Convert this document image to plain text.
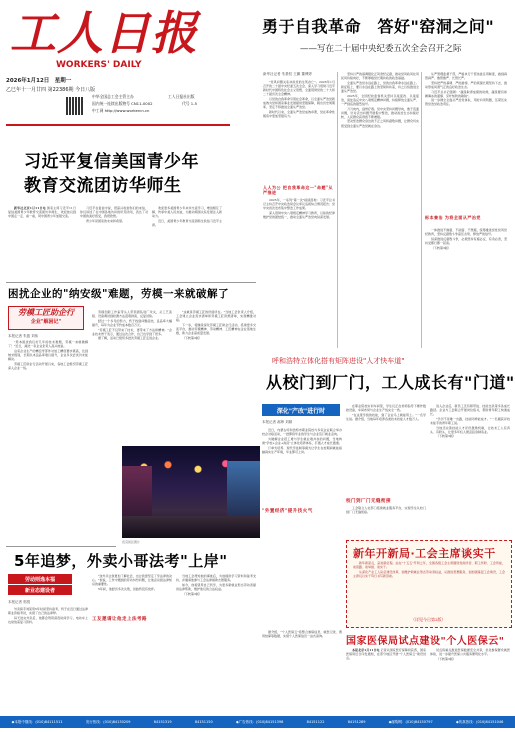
工人日报
WORKERS' DAILY
2026年1月12日　星期一
乙巳年十一月廿四 第22386期 今日八版
中华全国总工会主管主办	工人日报社出版
国内统一连续出版物号 CN11-0002	代号 1-5
中工网 http://www.workercn.cn
勇于自我革命　答好"窑洞之问"
——写在二十届中央纪委五次全会召开之际
新华社记者 朱基钗 王鹏 董博婷

"党风问题关系执政党的生死存亡"。2026年1月召开的二十届中央纪委五次全会，深入学习贯彻习近平新时代中国特色社会主义思想，全面贯彻党的二十大和二十届历次全会精神。

以党的自我革命引领社会革命，以全面从严治党新成效为党和国家事业发展提供坚强保障，跳出历史周期率，坚定不移推进全面从严治党。

新时代以来，全面从严治党成效卓著，党在革命性锻造中更加坚强有力。

人人为公 把自我革命这一"命题"从严推进

2025年，一系列"第一次"接续落地：习近平总书记主持召开中央政治局会议审议巡视综合情况报告；党中央首次发布集中整治工作成果。

深入贯彻中央八项规定精神学习教育，以铁的纪律维护党的团结统一，推动全面从严治党向纵深发展。

坚持以严的基调强化正风肃纪反腐，推动党风政风社风民风持续向好，不断厚植党长期执政的政治基础。

全面从严治党永远在路上，党的自我革命永远在路上。新征程上，要以永远在路上的坚韧和执着，持之以恒推进全面从严治党。

2025年，全国纪检监察机关坚持以案促改、以案促治，查处违反中央八项规定精神问题，持续释放全面从严、一严到底的强烈信号。

刀刃向内，刮骨疗毒。党中央坚持问题导向，敢于直面问题，针对突出问题开展集中整治，推动政治生态持续好转，人民群众获得感不断增强。

坚决惩治群众身边的不正之风和腐败问题，让群众切实感受到全面从严治党就在身边。

从严管理监督干部，严格执行干部选拔任用制度，做到真管真严、敢管敢严、长管长严。

坚持把严的基调、严的措施、严的氛围长期坚持下去，推动形成风清气正的良好政治生态。

习近平总书记强调："越是取得成绩的时候，越是要有如履薄冰的谨慎、见叶知秋的敏锐"。

进一步健全全面从严治党体系，用好问责利器，压紧压实管党治党政治责任。

标本兼治 为将全面从严治党

一体推进不敢腐、不能腐、不想腐，统筹推进党性党风党纪教育，坚持反腐败斗争高压态势，释放严的信号。

纵深推进反腐败斗争，必须坚持有腐必反、有贪必肃，坚持受贿行贿一起查。

（下转第3版）

习近平复信美国青少年
教育交流团访华师生

新华社北京1月11日电 国家主席习近平11日复信美国青少年教育交流团访华师生，欢迎他们到中国走一走、看一看，同中国青少年加强交流。

习近平在复信中说，很高兴收到你们的来信，你们讲述了在中国各地访问的所见所闻，表达了对中国的美好感受，我很欣慰。

青少年是国家的未来和希望。

欢迎更多美国青少年来华交流学习，增进相互了解，传承中美人民友谊，为推动两国关系发展注入新动力。

近日，美国青少年教育交流团师生致信习近平主席。

困扰企业的"纳安级"难题，劳模一来就破解了
劳模工匠助企行
企业"解困记"
本报记者 朱振 刘伟

"原本困扰我们好几年的技术难题，劳模一来就破解了！"近日，湖北一家企业负责人高兴地说。

这家企业生产的精密零部件对加工精度要求极高，达到纳米级别，长期以来良品率难以提升，企业多次尝试仍未能解决。

劳模工匠助企行活动开展以来，各地工会组织劳模工匠深入企业一线。

劳模创新工作室带头人带领团队驻厂攻关，从工艺流程、设备调试到检测方法逐项排查，反复试验。

经过一个多月的努力，终于找到问题症结，良品率大幅提升，每年为企业节约成本数百万元。

"劳模工匠不仅带来了技术，更带来了方法和精神。"企业技术骨干表示，通过这次合作，自己也学到了很多。

据了解，活动已组织多批次劳模工匠走进企业。

"这就是劳模工匠的价值所在。"当地工会负责人介绍，工会建立企业需求清单和劳模工匠资源清单，实现精准对接。

下一步，将继续深化劳模工匠助企行活动，搭建更多交流平台，推动劳模精神、劳动精神、工匠精神在企业落地生根，助力企业高质量发展。

（下转第3版）

呼和浩特立体化搭有矩阵进设"人才快车道"
从校门到厂门，工人成长有"门道"
深化"产改"进行时
本报记者 郝珍 刘颖

近日，内蒙古呼和浩特市职业院校与多家企业联合举办校企对接活动，一批即将毕业的学生与企业签订就业意向。

为破解企业招工难与学生就业难并存的问题，当地构建"学校+企业+政府"立体化培养体系，打通人才成长通道。

订单式培养、现代学徒制等模式让学生在校期间就能接触真实生产环境，毕业即可上岗。

"外置经济"提升技火气

在职业院校实训车间里，学生们正在老师指导下操作数控设备，车间布局与企业生产线完全一致。

"在这里学到的技能，到了企业马上就能用上。"一名学生说。据介绍，当地每年培养各类技术技能人才数万人。

校门到厂门无缝衔接

工会联合人社部门搭建就业服务平台，实现学生从校门到厂门无缝衔接。

进入企业后，新员工还有师带徒、技能比武等多条成长路径。企业与工会联合开展岗位练兵，帮助青年职工快速成长。

"学历不是唯一出路，技能同样能成才。"一名刚获评技术能手的青年职工说。

当地还完善技能人才评价激励机制，让技术工人有奔头、有盼头，让更多年轻人愿意投身制造业。

（下转第3版）

夜景街区图片
新年开新局·工会主席谈实干

新年新起点，奋进新征程。站在"十五五"开局之年，全国各级工会主席围绕党政所需、职工所盼、工会所能，谈思路、谈举措、谈实干。

从深化产业工人队伍建设改革，到维护新就业形态劳动者权益，从推进普惠服务，到加强基层工会建设，工会主席们以实干笃行书写新答卷。

（详见今日第2版）
5年追梦，外卖小哥法考"上岸"
劳动则逸本福
新业态建设者
本报记者 郭悦

外卖骑手刘某用5年时间坚持备考，终于在近日通过法律职业资格考试，实现了自己的法律梦。

每天送完外卖后，他都会利用深夜时间学习，电动车上也常放着复习资料。

"送外卖让我更加了解社会，也让我更坚定了学法律的决心。"他说，工作中遇到的劳动纠纷问题，让他意识到法律知识的重要性。

5年间，他经历多次失败，但始终没有放弃。

工友邀请让他走上法考路

当地工会得知他的事迹后，为他提供学习资料和备考支持，并邀请他参与工会法律援助志愿服务。

如今，他希望用自己所学，为更多新就业形态劳动者提供法律帮助，维护他们的合法权益。

（下转第3版）

国家医保局试点建设"个人医保云"

据介绍，"个人医保云"将整合参保信息、就医记录、费用结算等数据，实现个人医保信息一站式查询。

本报北京1月11日电 记者从国家医疗保障局获悉，国家医保局近日印发通知，在部分地区开展"个人医保云"建设试点。

试点将重点推进医保数据安全共享，优化参保群众就医体验，进一步提升医保公共服务便利化水平。

（下转第3版）

◆本报中继线：(010)84111511	发行热线：(010)84130209	84151319	84151150	◆广告热线：(010)84151398	84151122	84151289	◆邮购网：(010)84150797	◆传真热线：(010)84151046
